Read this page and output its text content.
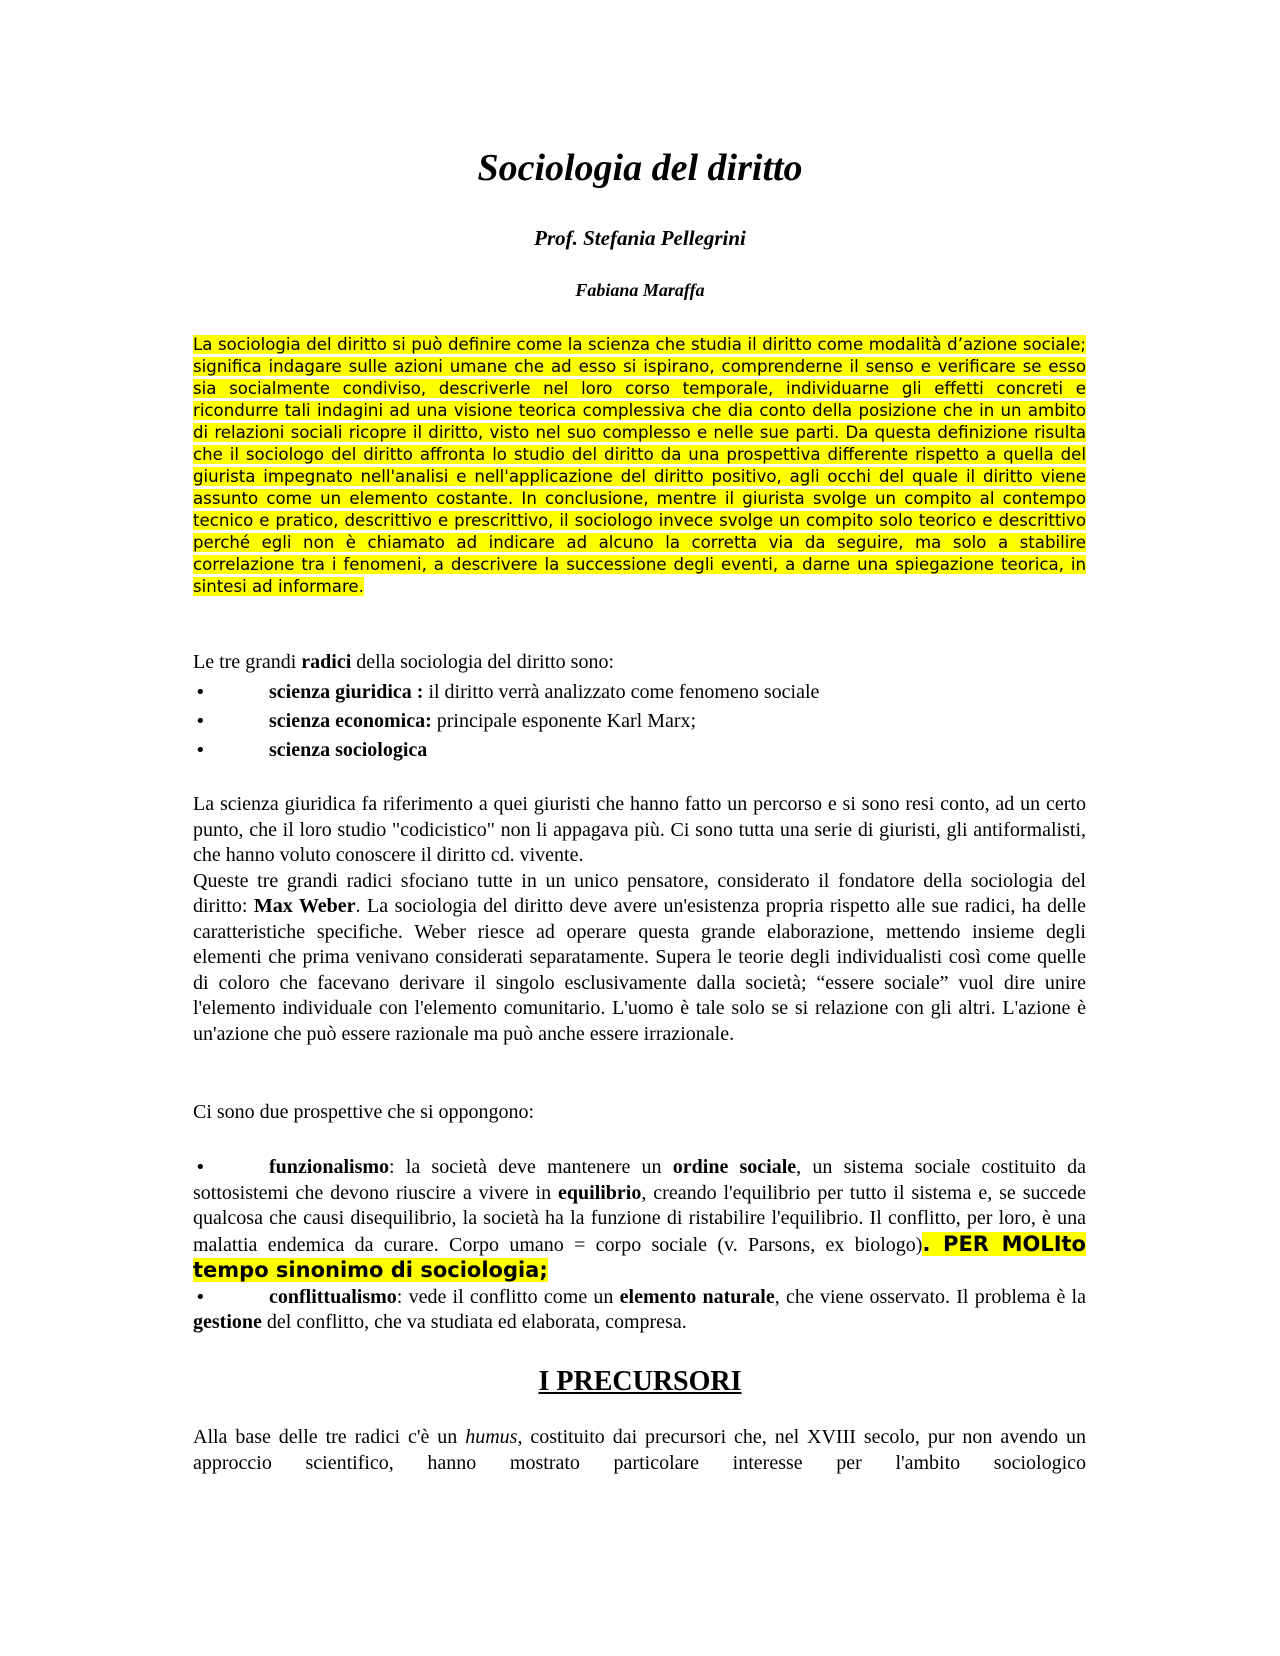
Sociologia del diritto
Prof. Stefania Pellegrini
Fabiana Maraffa
La sociologia del diritto si può definire come la scienza che studia il diritto come modalità d’azione sociale; significa indagare sulle azioni umane che ad esso si ispirano, comprenderne il senso e verificare se esso sia socialmente condiviso, descriverle nel loro corso temporale, individuarne gli effetti concreti e ricondurre tali indagini ad una visione teorica complessiva che dia conto della posizione che in un ambito di relazioni sociali ricopre il diritto, visto nel suo complesso e nelle sue parti. Da questa definizione risulta che il sociologo del diritto affronta lo studio del diritto da una prospettiva differente rispetto a quella del giurista impegnato nell'analisi e nell'applicazione del diritto positivo, agli occhi del quale il diritto viene assunto come un elemento costante. In conclusione, mentre il giurista svolge un compito al contempo tecnico e pratico, descrittivo e prescrittivo, il sociologo invece svolge un compito solo teorico e descrittivo perché egli non è chiamato ad indicare ad alcuno la corretta via da seguire, ma solo a stabilire correlazione tra i fenomeni, a descrivere la successione degli eventi, a darne una spiegazione teorica, in sintesi ad informare.
Le tre grandi radici della sociologia del diritto sono:
•	scienza giuridica : il diritto verrà analizzato come fenomeno sociale
•	scienza economica: principale esponente Karl Marx;
•	scienza sociologica
La scienza giuridica fa riferimento a quei giuristi che hanno fatto un percorso e si sono resi conto, ad un certo punto, che il loro studio "codicistico" non li appagava più. Ci sono tutta una serie di giuristi, gli antiformalisti, che hanno voluto conoscere il diritto cd. vivente.
Queste tre grandi radici sfociano tutte in un unico pensatore, considerato il fondatore della sociologia del diritto: Max Weber. La sociologia del diritto deve avere un'esistenza propria rispetto alle sue radici, ha delle caratteristiche specifiche. Weber riesce ad operare questa grande elaborazione, mettendo insieme degli elementi che prima venivano considerati separatamente. Supera le teorie degli individualisti così come quelle di coloro che facevano derivare il singolo esclusivamente dalla società; “essere sociale” vuol dire unire l'elemento individuale con l'elemento comunitario. L'uomo è tale solo se si relazione con gli altri. L'azione è un'azione che può essere razionale ma può anche essere irrazionale.
Ci sono due prospettive che si oppongono:
•	funzionalismo: la società deve mantenere un ordine sociale, un sistema sociale costituito da sottosistemi che devono riuscire a vivere in equilibrio, creando l'equilibrio per tutto il sistema e, se succede qualcosa che causi disequilibrio, la società ha la funzione di ristabilire l'equilibrio. Il conflitto, per loro, è una malattia endemica da curare. Corpo umano = corpo sociale (v. Parsons, ex biologo). PER MOLIto tempo sinonimo di sociologia;
•	conflittualismo: vede il conflitto come un elemento naturale, che viene osservato. Il problema è la gestione del conflitto, che va studiata ed elaborata, compresa.
I PRECURSORI
Alla base delle tre radici c'è un humus, costituito dai precursori che, nel XVIII secolo, pur non avendo un approccio scientifico, hanno mostrato particolare interesse per l'ambito sociologico
